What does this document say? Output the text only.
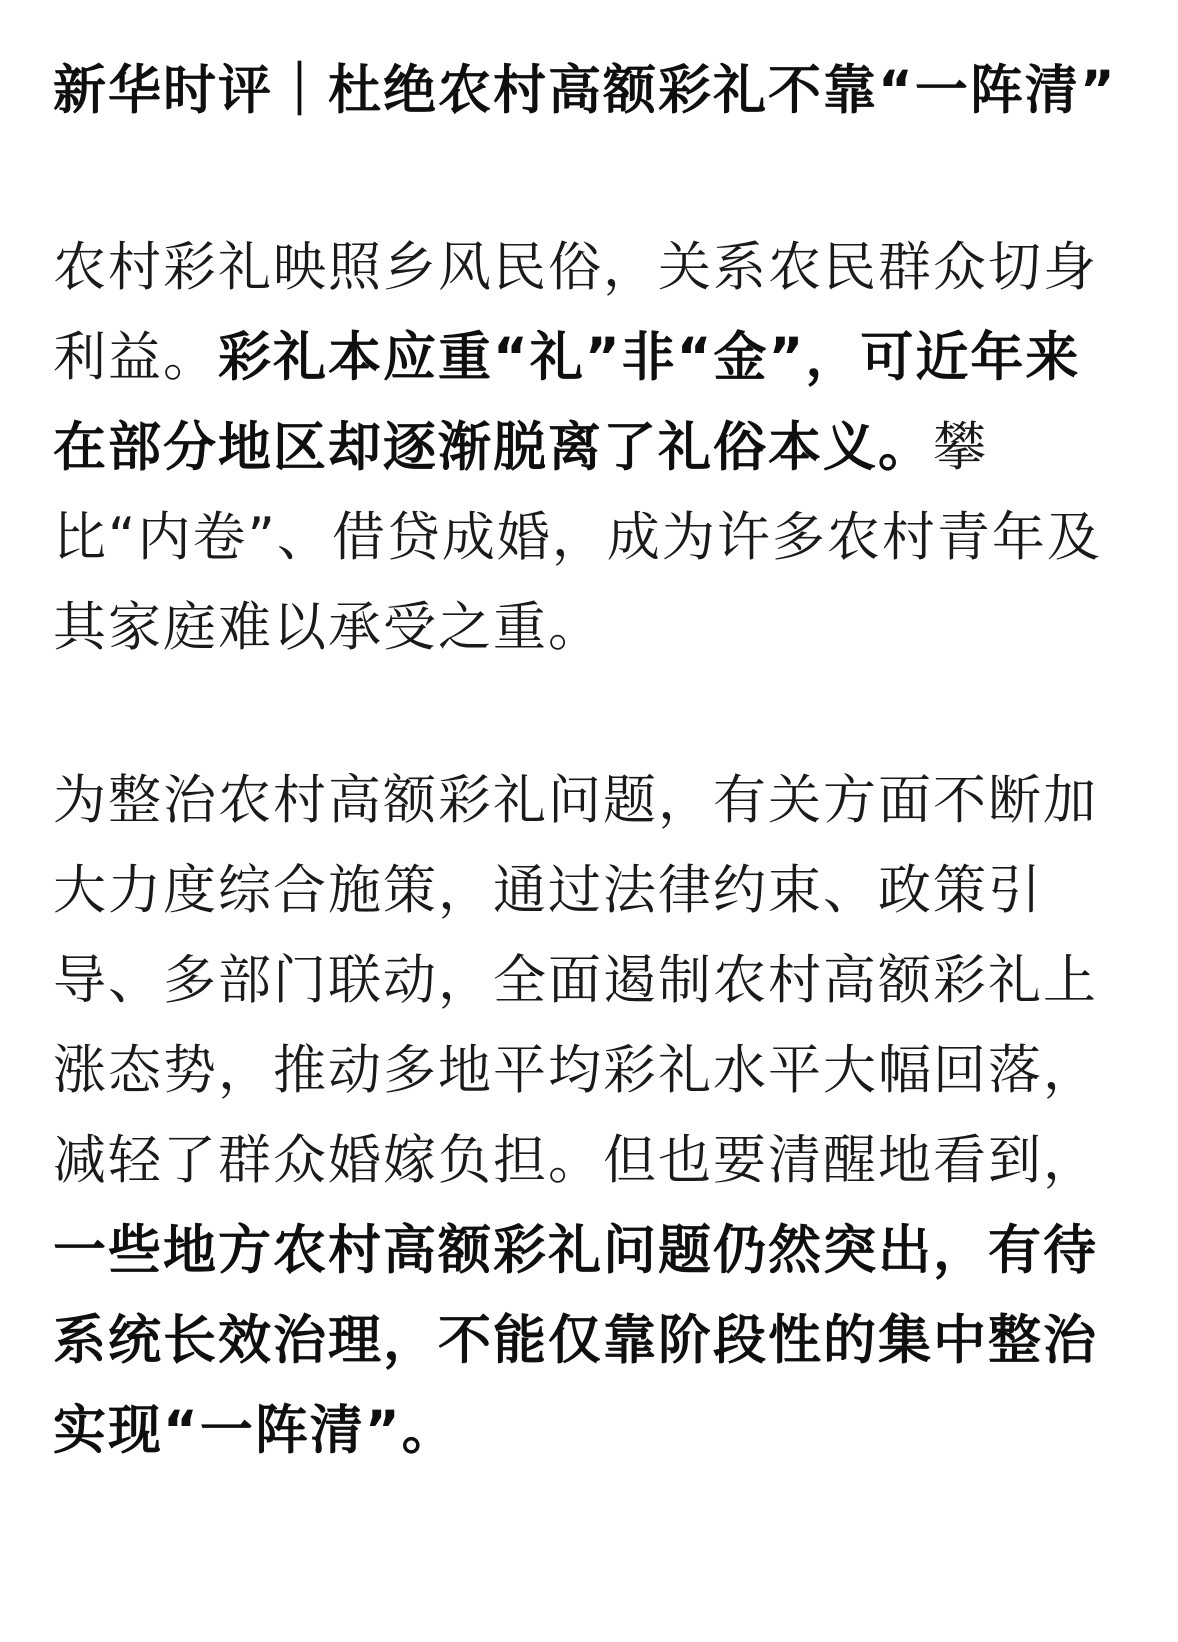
新华时评｜杜绝农村高额彩礼不靠“一阵清”

农村彩礼映照乡风民俗，关系农民群众切身利益。彩礼本应重“礼”非“金”，可近年来在部分地区却逐渐脱离了礼俗本义。攀比“内卷”、借贷成婚，成为许多农村青年及其家庭难以承受之重。

为整治农村高额彩礼问题，有关方面不断加大力度综合施策，通过法律约束、政策引导、多部门联动，全面遏制农村高额彩礼上涨态势，推动多地平均彩礼水平大幅回落，减轻了群众婚嫁负担。但也要清醒地看到，一些地方农村高额彩礼问题仍然突出，有待系统长效治理，不能仅靠阶段性的集中整治实现“一阵清”。
